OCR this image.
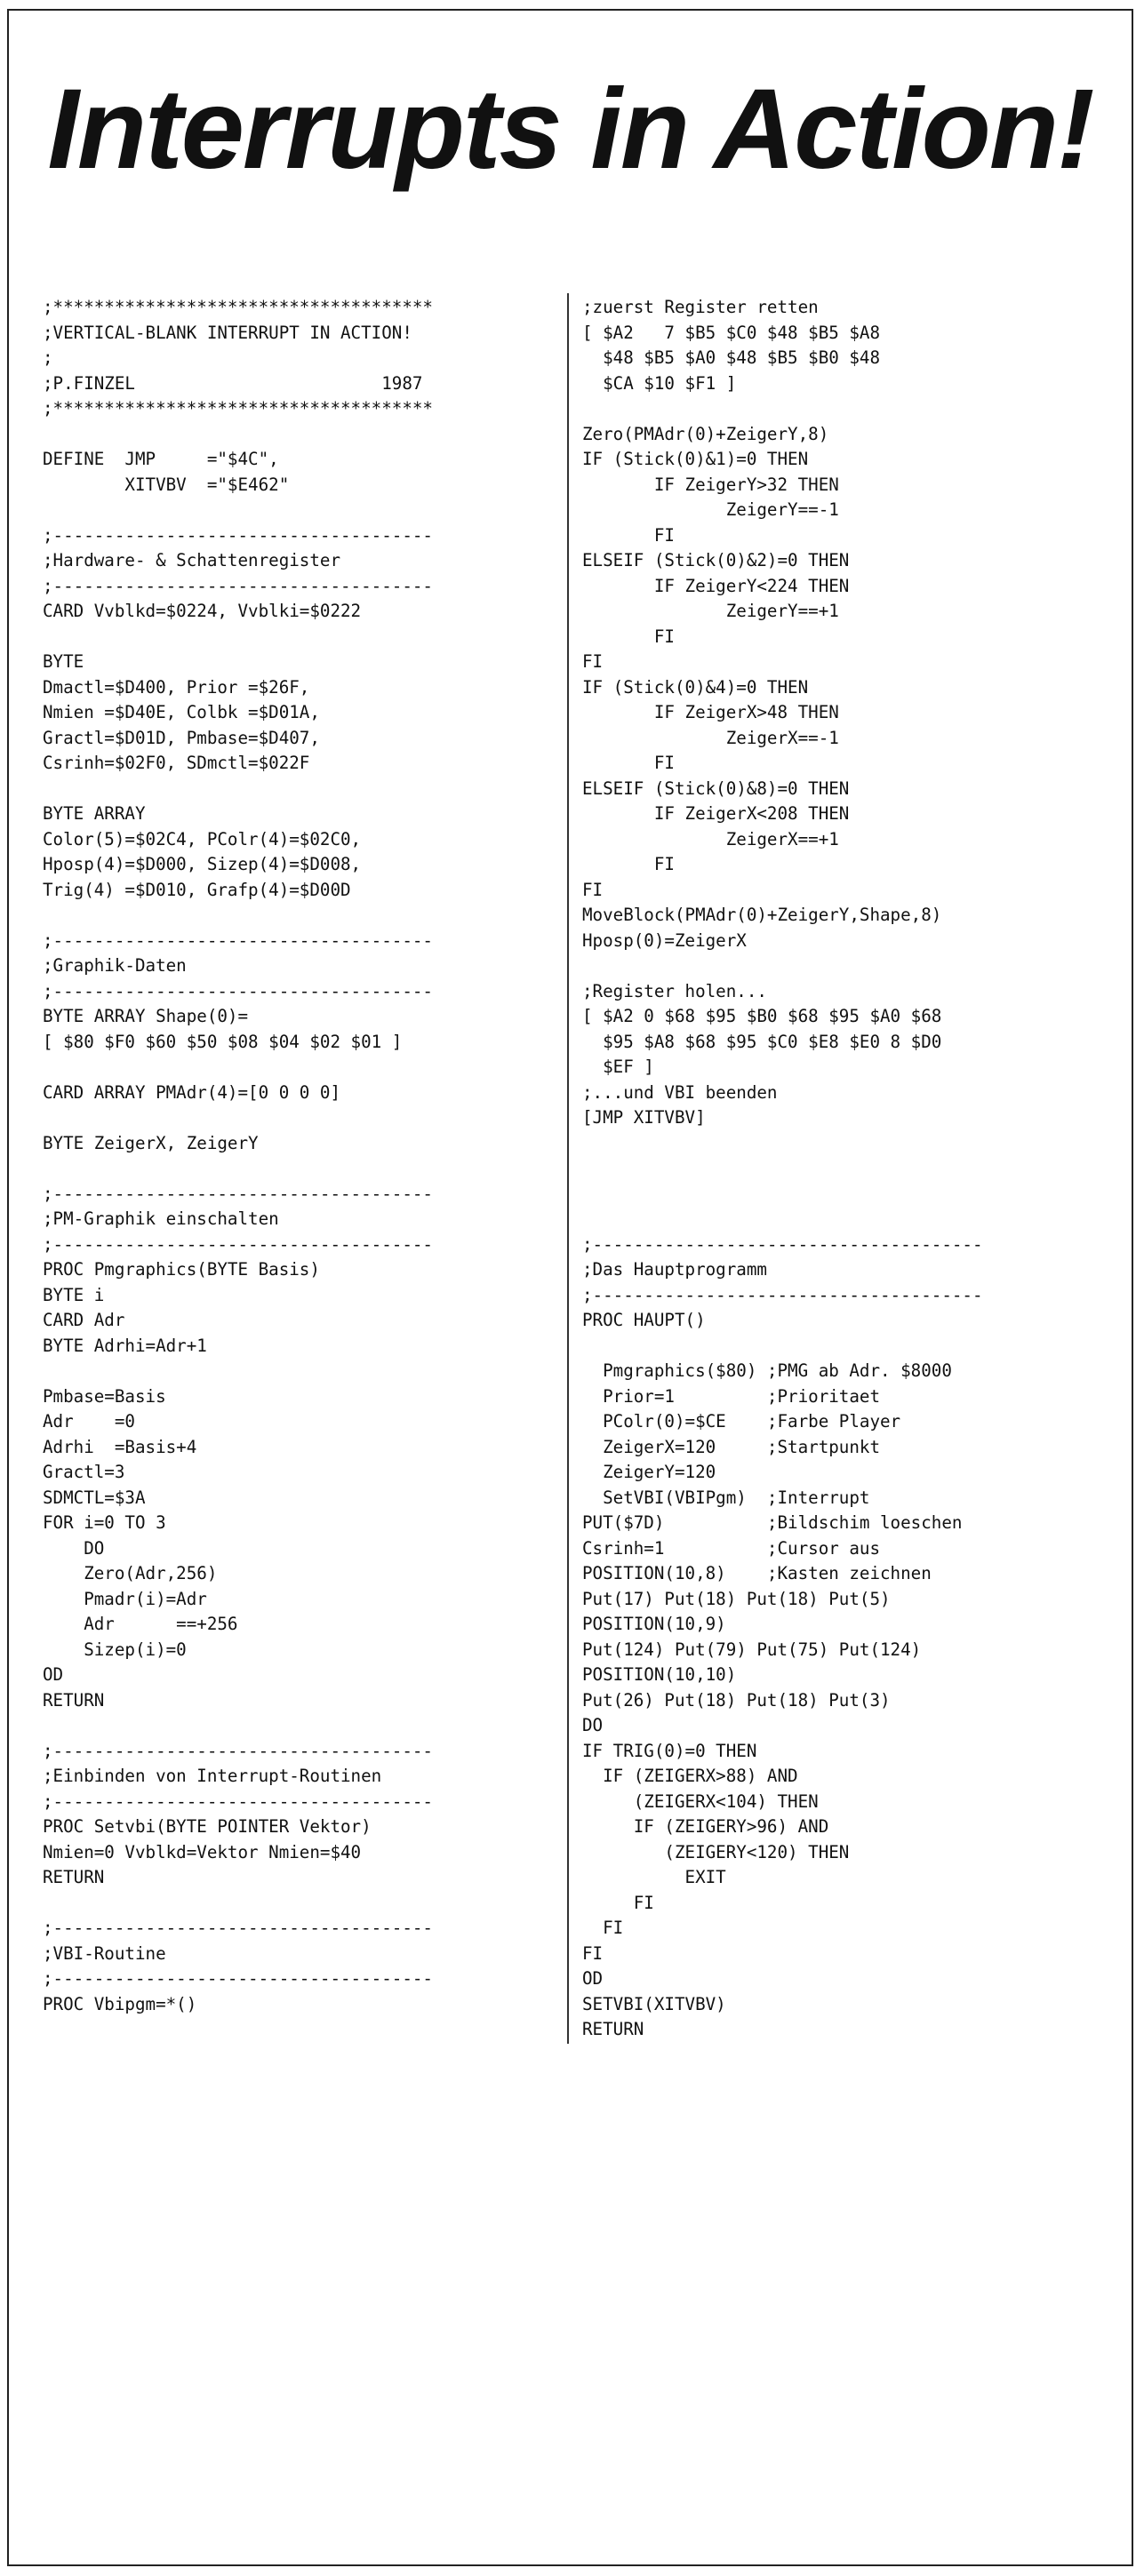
Interrupts in Action!
;*************************************
;VERTICAL-BLANK INTERRUPT IN ACTION!
;
;P.FINZEL                        1987
;*************************************

DEFINE  JMP     ="$4C",
XITVBV  ="$E462"

;-------------------------------------
;Hardware- & Schattenregister
;-------------------------------------
CARD Vvblkd=$0224, Vvblki=$0222

BYTE
Dmactl=$D400, Prior =$26F,
Nmien =$D40E, Colbk =$D01A,
Gractl=$D01D, Pmbase=$D407,
Csrinh=$02F0, SDmctl=$022F

BYTE ARRAY
Color(5)=$02C4, PColr(4)=$02C0,
Hposp(4)=$D000, Sizep(4)=$D008,
Trig(4) =$D010, Grafp(4)=$D00D

;-------------------------------------
;Graphik-Daten
;-------------------------------------
BYTE ARRAY Shape(0)=
[ $80 $F0 $60 $50 $08 $04 $02 $01 ]

CARD ARRAY PMAdr(4)=[0 0 0 0]

BYTE ZeigerX, ZeigerY

;-------------------------------------
;PM-Graphik einschalten
;-------------------------------------
PROC Pmgraphics(BYTE Basis)
BYTE i
CARD Adr
BYTE Adrhi=Adr+1

Pmbase=Basis
Adr    =0
Adrhi  =Basis+4
Gractl=3
SDMCTL=$3A
FOR i=0 TO 3
DO
Zero(Adr,256)
Pmadr(i)=Adr
Adr      ==+256
Sizep(i)=0
OD
RETURN

;-------------------------------------
;Einbinden von Interrupt-Routinen
;-------------------------------------
PROC Setvbi(BYTE POINTER Vektor)
Nmien=0 Vvblkd=Vektor Nmien=$40
RETURN

;-------------------------------------
;VBI-Routine
;-------------------------------------
PROC Vbipgm=*()
;zuerst Register retten
[ $A2   7 $B5 $C0 $48 $B5 $A8
$48 $B5 $A0 $48 $B5 $B0 $48
$CA $10 $F1 ]

Zero(PMAdr(0)+ZeigerY,8)
IF (Stick(0)&1)=0 THEN
IF ZeigerY>32 THEN
ZeigerY==-1
FI
ELSEIF (Stick(0)&2)=0 THEN
IF ZeigerY<224 THEN
ZeigerY==+1
FI
FI
IF (Stick(0)&4)=0 THEN
IF ZeigerX>48 THEN
ZeigerX==-1
FI
ELSEIF (Stick(0)&8)=0 THEN
IF ZeigerX<208 THEN
ZeigerX==+1
FI
FI
MoveBlock(PMAdr(0)+ZeigerY,Shape,8)
Hposp(0)=ZeigerX

;Register holen...
[ $A2 0 $68 $95 $B0 $68 $95 $A0 $68
$95 $A8 $68 $95 $C0 $E8 $E0 8 $D0
$EF ]
;...und VBI beenden
[JMP XITVBV]

;--------------------------------------
;Das Hauptprogramm
;--------------------------------------
PROC HAUPT()

Pmgraphics($80) ;PMG ab Adr. $8000
Prior=1         ;Prioritaet
PColr(0)=$CE    ;Farbe Player
ZeigerX=120     ;Startpunkt
ZeigerY=120
SetVBI(VBIPgm)  ;Interrupt
PUT($7D)          ;Bildschim loeschen
Csrinh=1          ;Cursor aus
POSITION(10,8)    ;Kasten zeichnen
Put(17) Put(18) Put(18) Put(5)
POSITION(10,9)
Put(124) Put(79) Put(75) Put(124)
POSITION(10,10)
Put(26) Put(18) Put(18) Put(3)
DO
IF TRIG(0)=0 THEN
IF (ZEIGERX>88) AND
(ZEIGERX<104) THEN
IF (ZEIGERY>96) AND
(ZEIGERY<120) THEN
EXIT
FI
FI
FI
OD
SETVBI(XITVBV)
RETURN
